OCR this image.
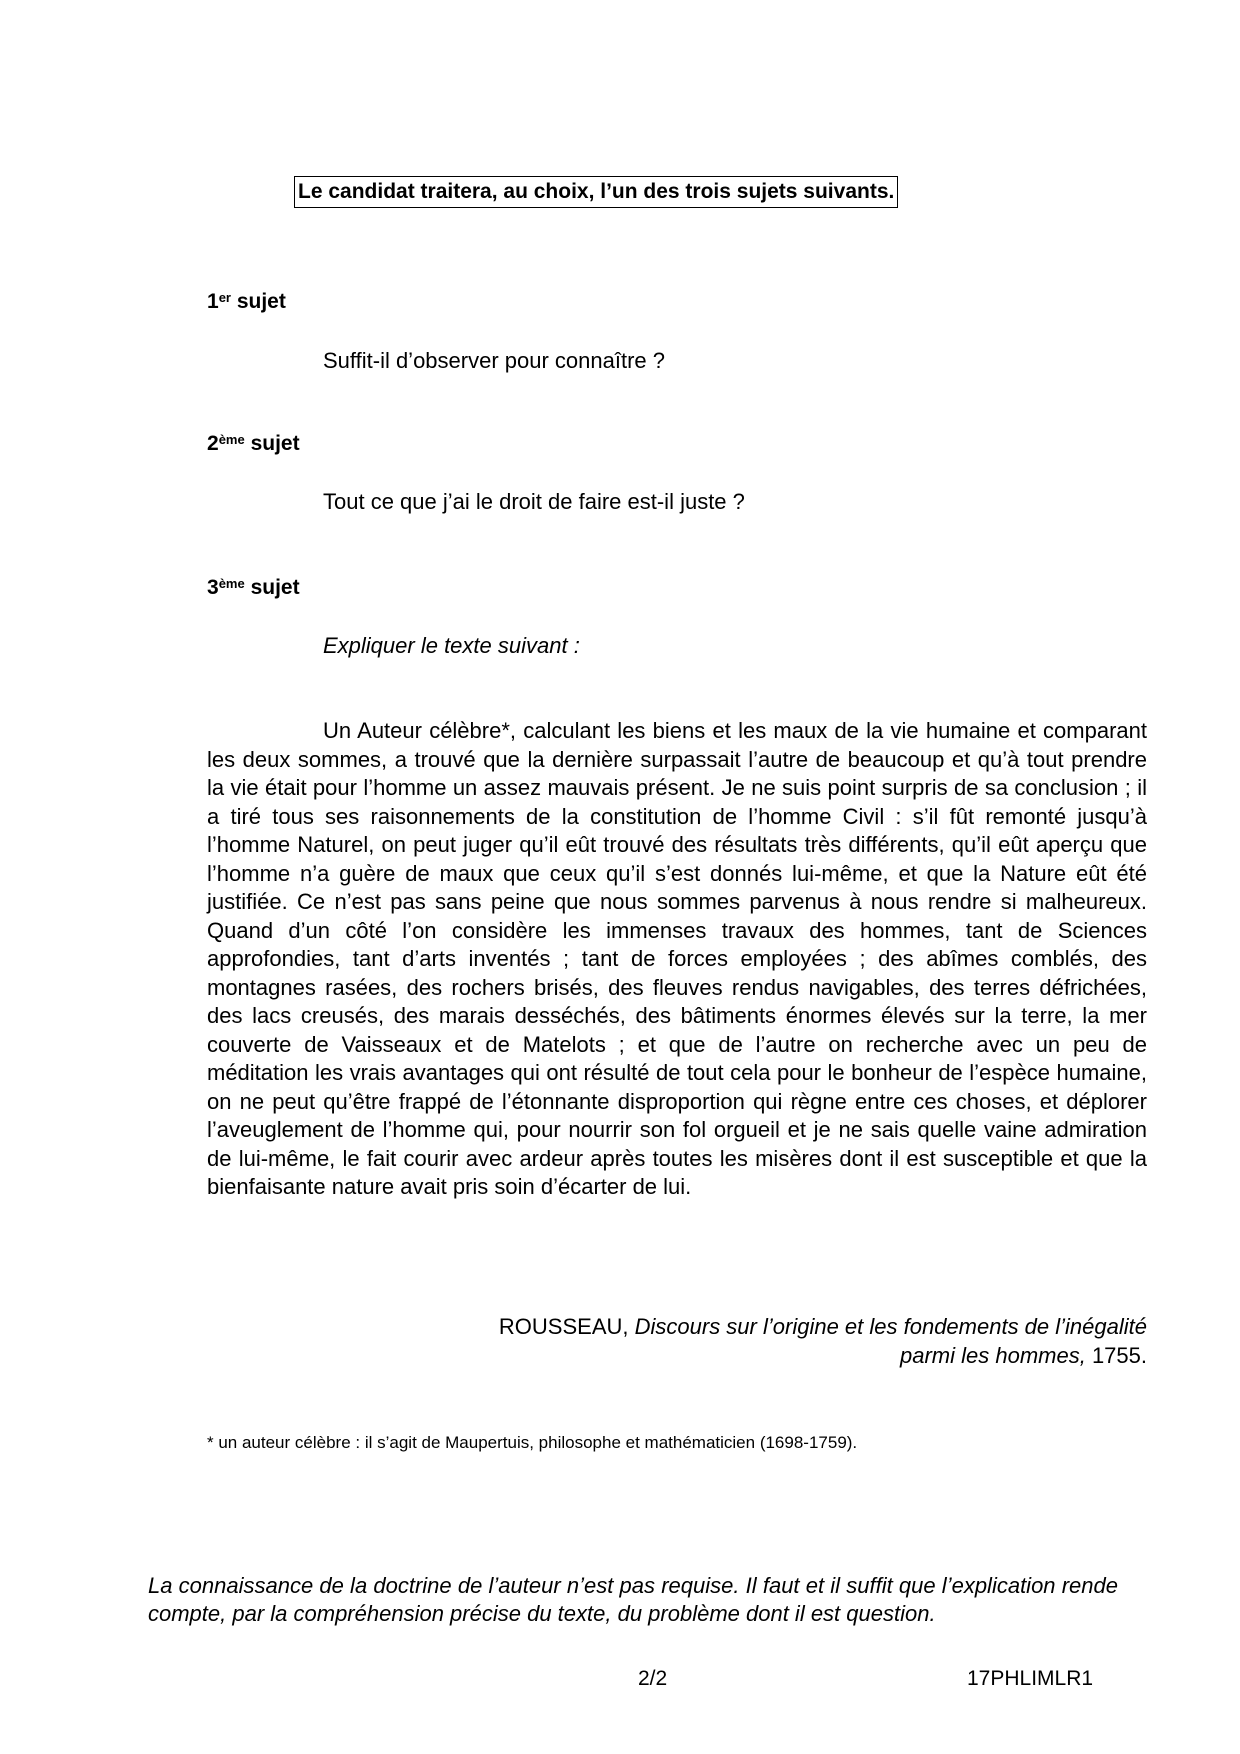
Le candidat traitera, au choix, l’un des trois sujets suivants.
1er sujet
Suffit-il d’observer pour connaître ?
2ème sujet
Tout ce que j’ai le droit de faire est-il juste ?
3ème sujet
Expliquer le texte suivant :

Un Auteur célèbre*, calculant les biens et les maux de la vie humaine et comparant les deux sommes, a trouvé que la dernière surpassait l’autre de beaucoup et qu’à tout prendre la vie était pour l’homme un assez mauvais présent. Je ne suis point surpris de sa conclusion ; il a tiré tous ses raisonnements de la constitution de l’homme Civil : s’il fût remonté jusqu’à l’homme Naturel, on peut juger qu’il eût trouvé des résultats très différents, qu’il eût aperçu que l’homme n’a guère de maux que ceux qu’il s’est donnés lui-même, et que la Nature eût été justifiée. Ce n’est pas sans peine que nous sommes parvenus à nous rendre si malheureux. Quand d’un côté l’on considère les immenses travaux des hommes, tant de Sciences approfondies, tant d’arts inventés ; tant de forces employées ; des abîmes comblés, des montagnes rasées, des rochers brisés, des fleuves rendus navigables, des terres défrichées, des lacs creusés, des marais desséchés, des bâtiments énormes élevés sur la terre, la mer couverte de Vaisseaux et de Matelots ; et que de l’autre on recherche avec un peu de méditation les vrais avantages qui ont résulté de tout cela pour le bonheur de l’espèce humaine, on ne peut qu’être frappé de l’étonnante disproportion qui règne entre ces choses, et déplorer l’aveuglement de l’homme qui, pour nourrir son fol orgueil et je ne sais quelle vaine admiration de lui-même, le fait courir avec ardeur après toutes les misères dont il est susceptible et que la bienfaisante nature avait pris soin d’écarter de lui.

ROUSSEAU, Discours sur l’origine et les fondements de l’inégalité
parmi les hommes, 1755.
* un auteur célèbre : il s’agit de Maupertuis, philosophe et mathématicien (1698-1759).

La connaissance de la doctrine de l’auteur n’est pas requise. Il faut et il suffit que l’explication rende compte, par la compréhension précise du texte, du problème dont il est question.

2/2	17PHLIMLR1
